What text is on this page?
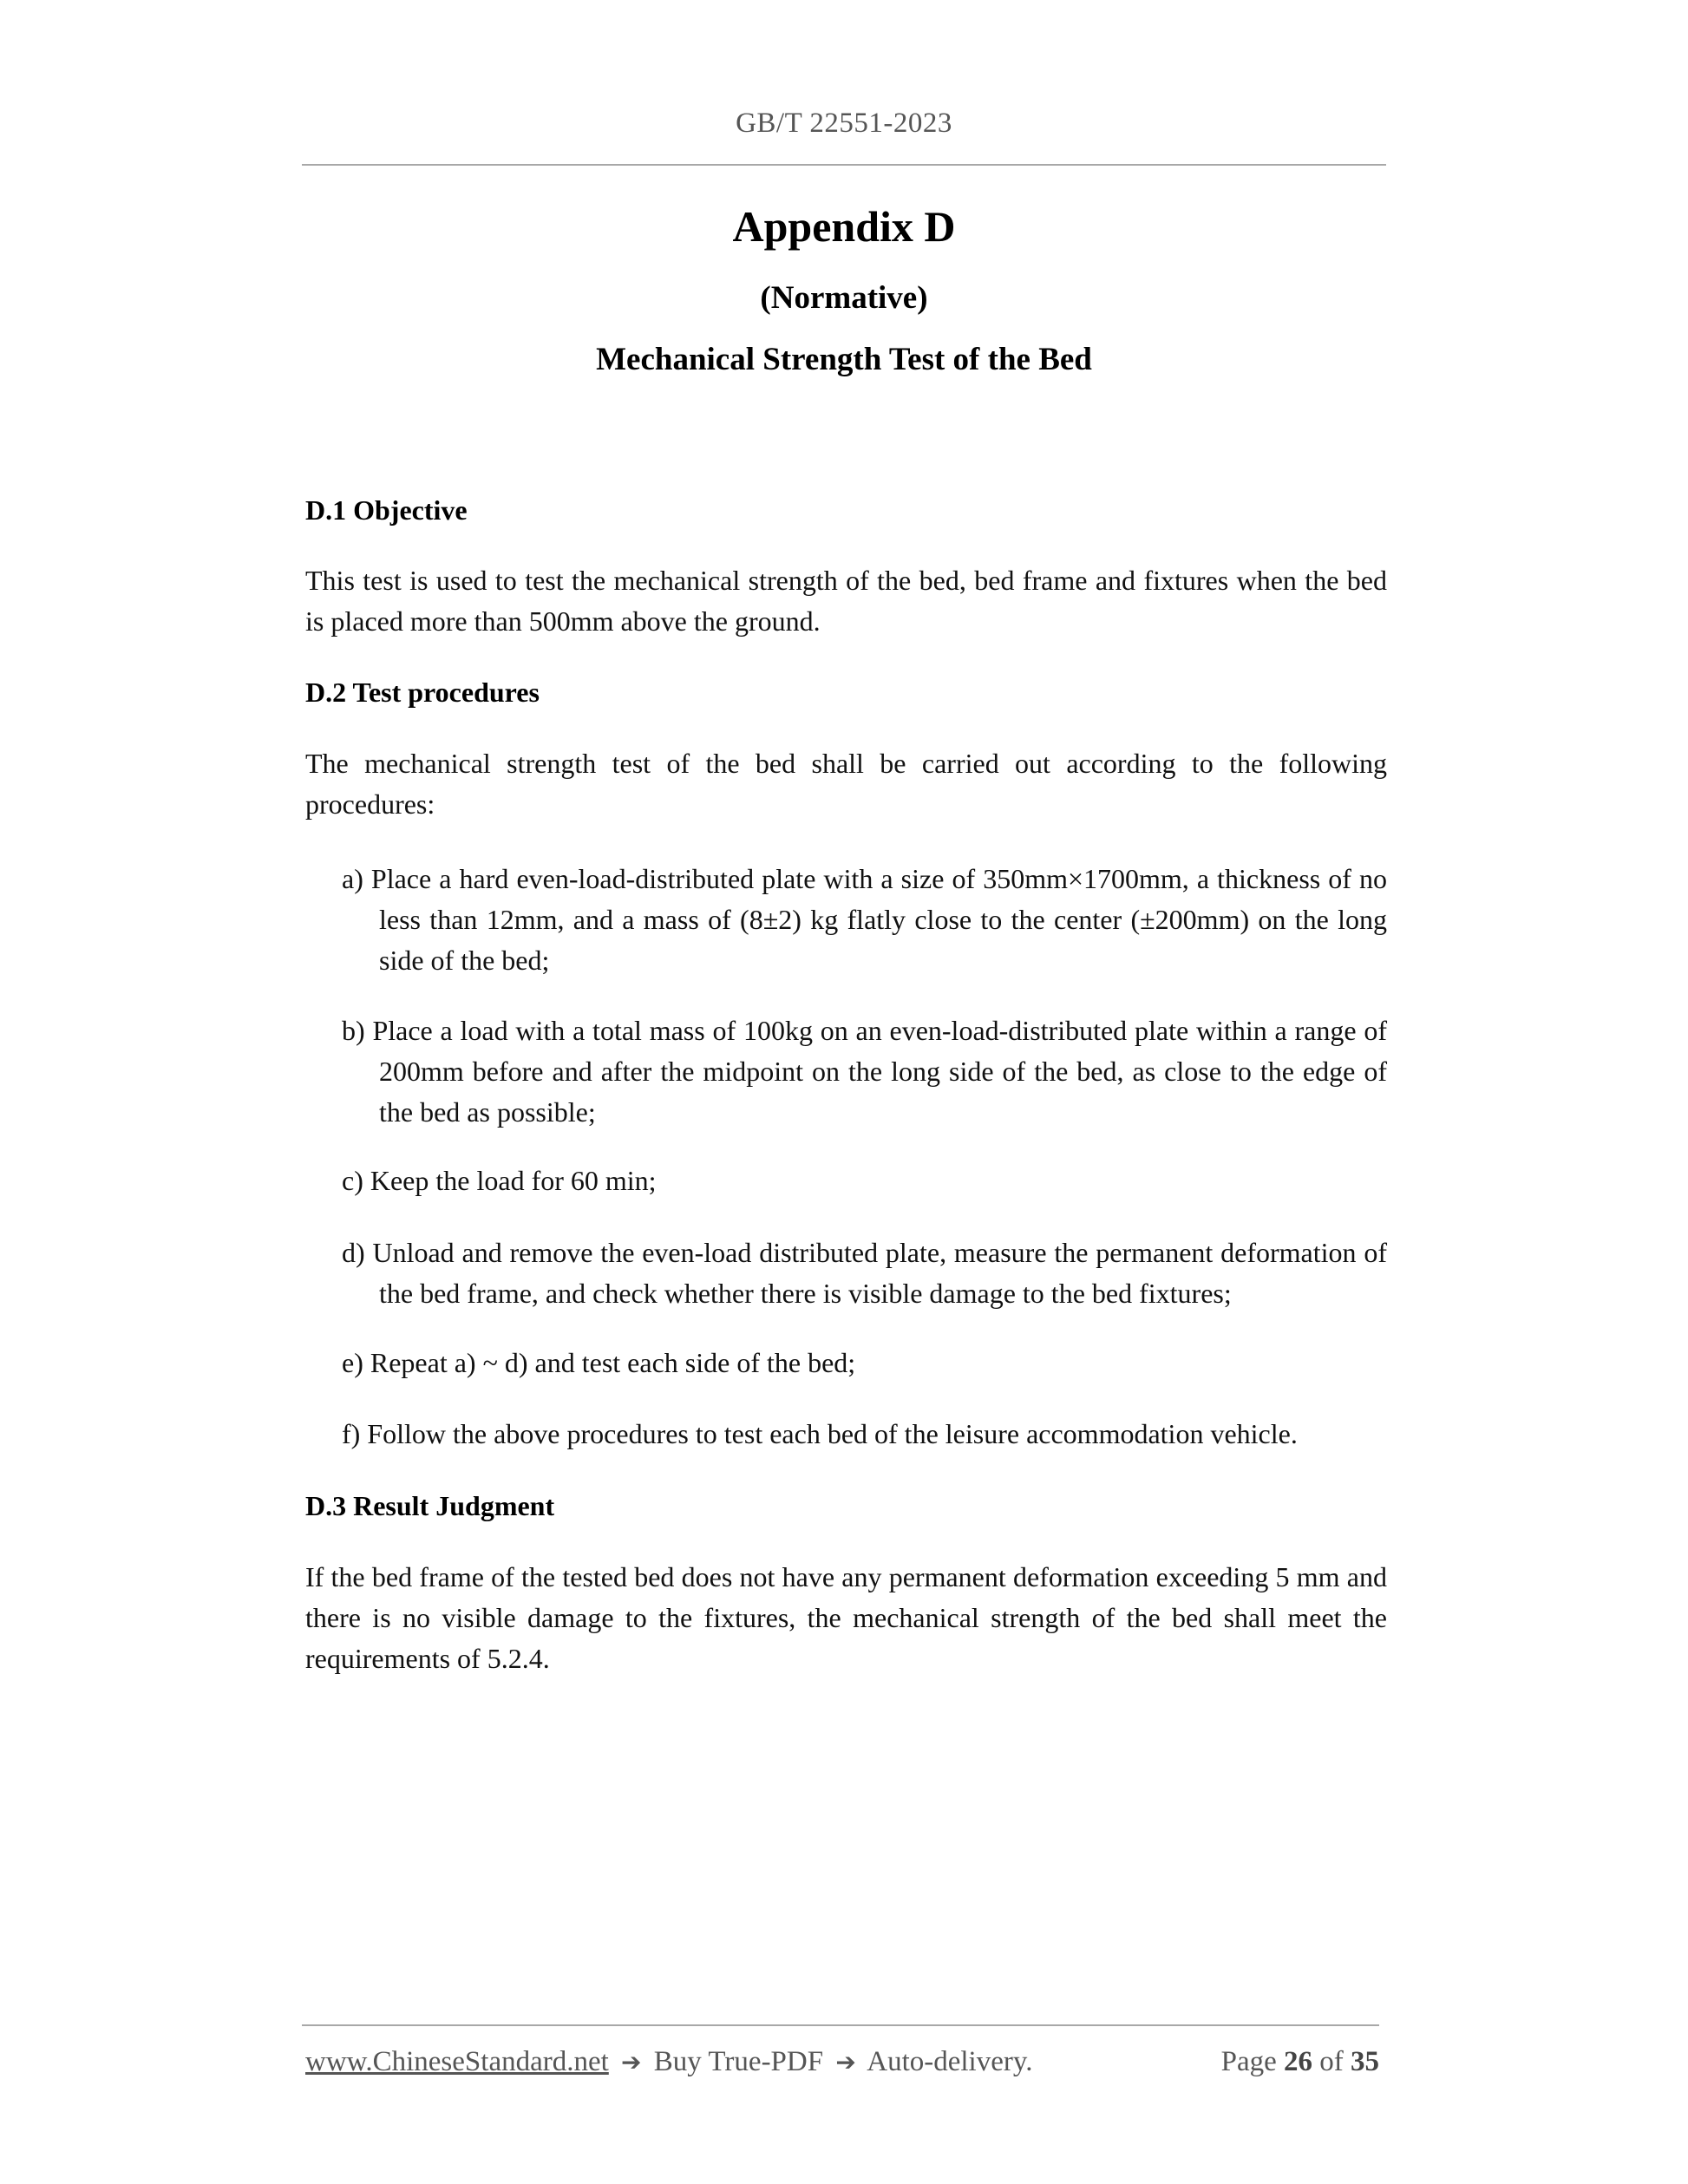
GB/T 22551-2023
Appendix D
(Normative)
Mechanical Strength Test of the Bed
D.1 Objective
This test is used to test the mechanical strength of the bed, bed frame and fixtures when the bed is placed more than 500mm above the ground.
D.2 Test procedures
The mechanical strength test of the bed shall be carried out according to the following procedures:
a) Place a hard even-load-distributed plate with a size of 350mm×1700mm, a thickness of no less than 12mm, and a mass of (8±2) kg flatly close to the center (±200mm) on the long side of the bed;
b) Place a load with a total mass of 100kg on an even-load-distributed plate within a range of 200mm before and after the midpoint on the long side of the bed, as close to the edge of the bed as possible;
c) Keep the load for 60 min;
d) Unload and remove the even-load distributed plate, measure the permanent deformation of the bed frame, and check whether there is visible damage to the bed fixtures;
e) Repeat a) ~ d) and test each side of the bed;
f) Follow the above procedures to test each bed of the leisure accommodation vehicle.
D.3 Result Judgment
If the bed frame of the tested bed does not have any permanent deformation exceeding 5 mm and there is no visible damage to the fixtures, the mechanical strength of the bed shall meet the requirements of 5.2.4.
www.ChineseStandard.net ➔ Buy True-PDF ➔ Auto-delivery.	Page 26 of 35
